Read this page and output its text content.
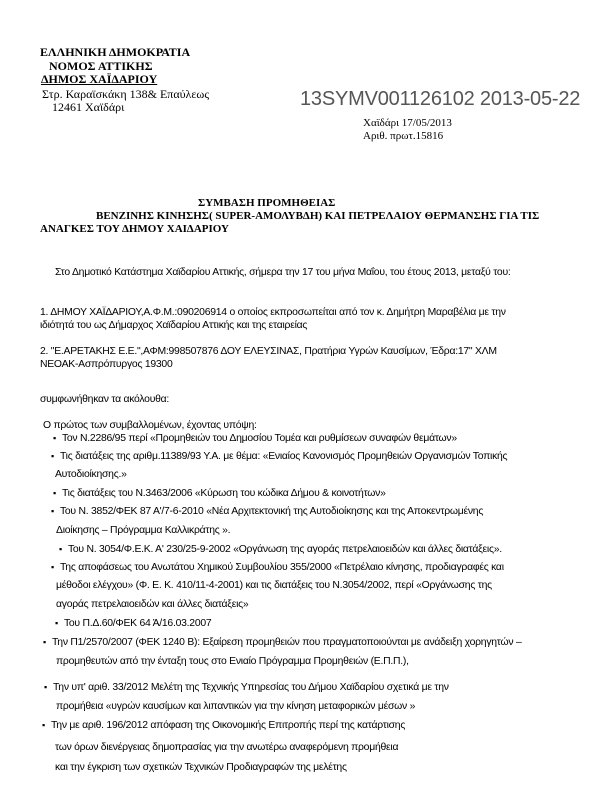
ΕΛΛΗΝΙΚΗ ΔΗΜΟΚΡΑΤΙΑ
ΝΟΜΟΣ ΑΤΤΙΚΗΣ
ΔΗΜΟΣ ΧΑΪΔΑΡΙΟΥ
Στρ. Καραϊσκάκη 138& Επαύλεως
12461 Χαϊδάρι	13SYMV001126102 2013-05-22
Χαϊδάρι 17/05/2013
Αριθ. πρωτ.15816
ΣΥΜΒΑΣΗ ΠΡΟΜΗΘΕΙΑΣ
ΒΕΝΖΙΝΗΣ ΚΙΝΗΣΗΣ( SUPER-ΑΜΟΛΥΒΔΗ) ΚΑΙ ΠΕΤΡΕΛΑΙΟΥ ΘΕΡΜΑΝΣΗΣ ΓΙΑ ΤΙΣ
ΑΝΑΓΚΕΣ ΤΟΥ ΔΗΜΟΥ ΧΑΙΔΑΡΙΟΥ
Στο Δημοτικό Κατάστημα Χαϊδαρίου Αττικής, σήμερα την 17 του μήνα Μαΐου, του έτους 2013, μεταξύ του:
1. ΔΗΜΟΥ ΧΑΪΔΑΡΙΟΥ,Α.Φ.Μ.:090206914 ο οποίος εκπροσωπείται από τον κ. Δημήτρη Μαραβέλια με την
ιδιότητά του ως Δήμαρχος Χαϊδαρίου Αττικής και της εταιρείας
2. "Ε.ΑΡΕΤΑΚΗΣ Ε.Ε.",ΑΦΜ:998507876 ΔΟΥ ΕΛΕΥΣΙΝΑΣ, Πρατήρια Υγρών Καυσίμων, Έδρα:17" ΧΛΜ
ΝΕΟΑΚ-Ασπρόπυργος 19300
συμφωνήθηκαν τα ακόλουθα:
Ο πρώτος των συμβαλλομένων, έχοντας υπόψη:
▪ Τον Ν.2286/95 περί «Προμηθειών του Δημοσίου Τομέα και ρυθμίσεων συναφών θεμάτων»
▪ Τις διατάξεις της αριθμ.11389/93 Υ.Α. με θέμα: «Ενιαίος Κανονισμός Προμηθειών Οργανισμών Τοπικής
Αυτοδιοίκησης.»
▪ Τις διατάξεις του Ν.3463/2006 «Κύρωση του κώδικα Δήμου & κοινοτήτων»
▪ Του Ν. 3852/ΦΕΚ 87 Α'/7-6-2010 «Νέα Αρχιτεκτονική της Αυτοδιοίκησης και της Αποκεντρωμένης
Διοίκησης – Πρόγραμμα Καλλικράτης ».
▪ Του Ν. 3054/Φ.Ε.Κ. Α' 230/25-9-2002 «Οργάνωση της αγοράς πετρελαιοειδών και άλλες διατάξεις».
▪ Της αποφάσεως του Ανωτάτου Χημικού Συμβουλίου 355/2000 «Πετρέλαιο κίνησης, προδιαγραφές και
μέθοδοι ελέγχου» (Φ. Ε. Κ. 410/11-4-2001) και τις διατάξεις του Ν.3054/2002, περί «Οργάνωσης της
αγοράς πετρελαιοειδών και άλλες διατάξεις»
▪ Του Π.Δ.60/ΦΕΚ 64 Ά/16.03.2007
▪ Την Π1/2570/2007 (ΦΕΚ 1240 Β): Εξαίρεση προμηθειών που πραγματοποιούνται με ανάδειξη χορηγητών –
προμηθευτών από την ένταξη τους στο Ενιαίο Πρόγραμμα Προμηθειών (Ε.Π.Π.),
▪ Την υπ' αριθ. 33/2012 Μελέτη της Τεχνικής Υπηρεσίας του Δήμου Χαϊδαρίου σχετικά με την
προμήθεια «υγρών καυσίμων και λιπαντικών για την κίνηση μεταφορικών μέσων »
▪ Την με αριθ. 196/2012 απόφαση της Οικονομικής Επιτροπής περί της κατάρτισης
των όρων διενέργειας δημοπρασίας για την ανωτέρω αναφερόμενη προμήθεια
και την έγκριση των σχετικών Τεχνικών Προδιαγραφών της μελέτης
